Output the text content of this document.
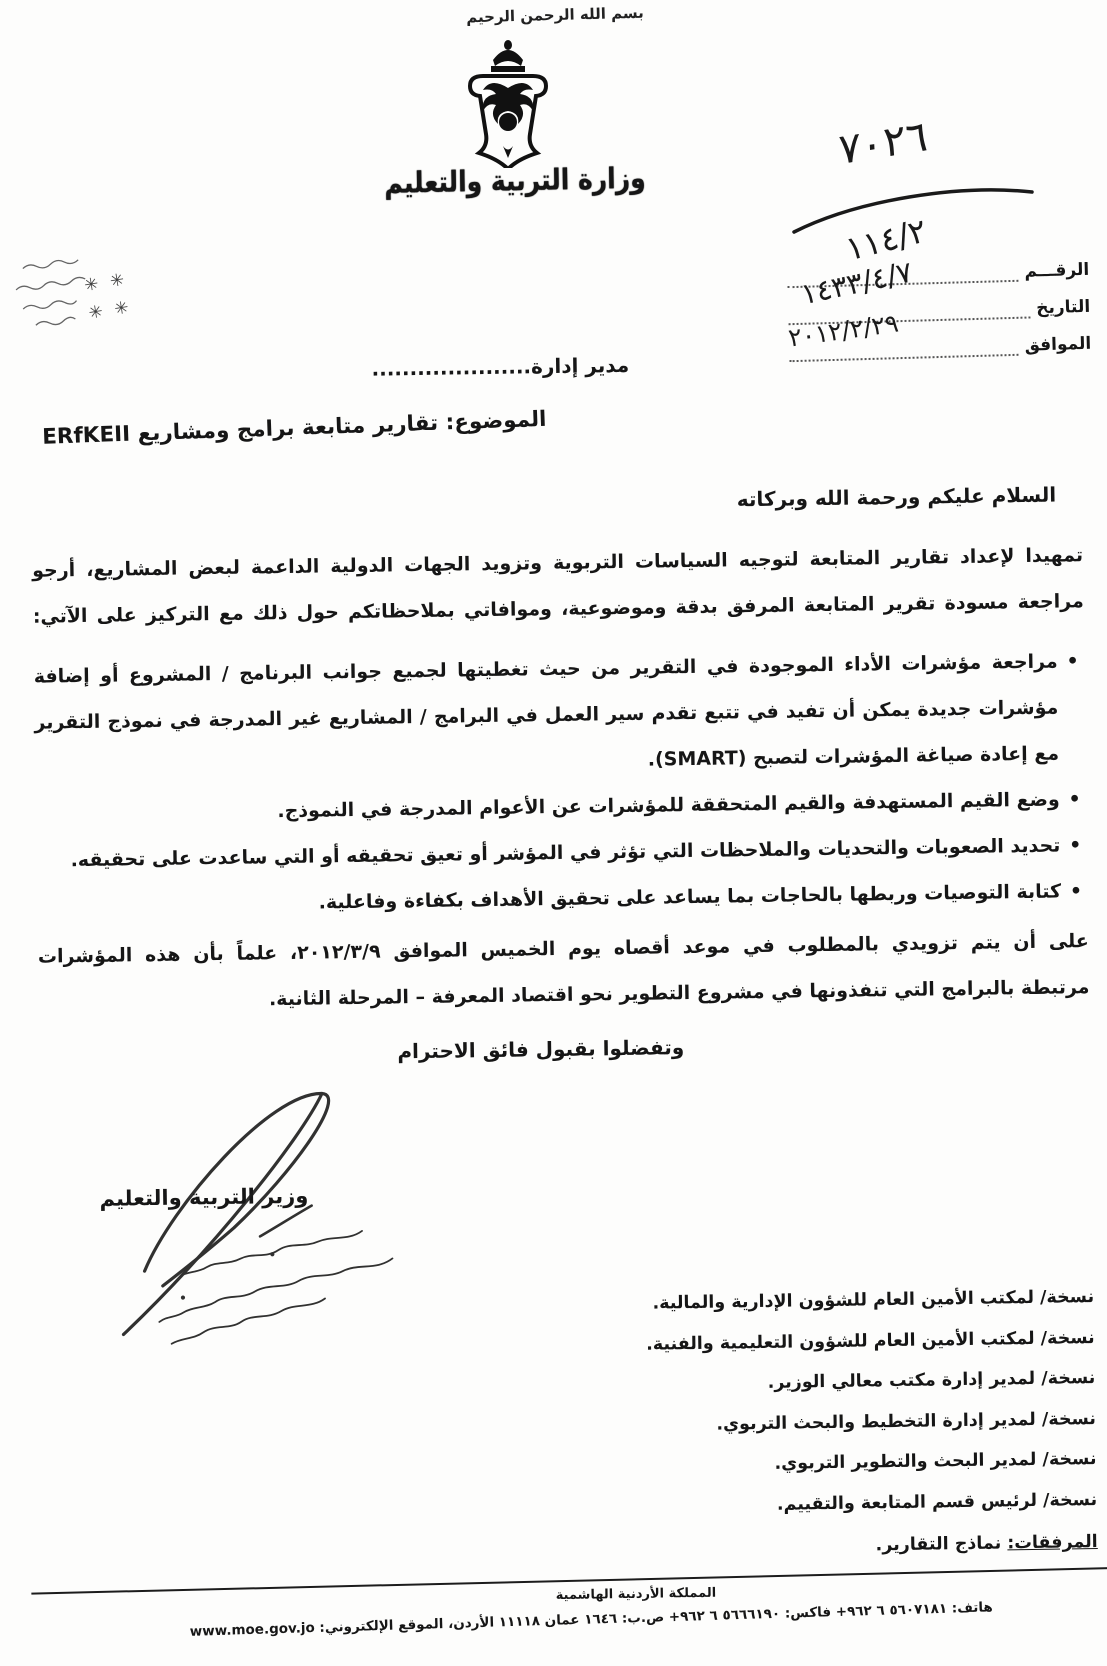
بسم الله الرحمن الرحيم
وزارة التربية والتعليم
٧٠٢٦
الرقـــم
التاريخ
الموافق
١١٤/٢
١٤٣٣/٤/٧
٢٠١٢/٢/٢٩
✳ ✳
✳ ✳
مدير إدارة.....................
الموضوع: تقارير متابعة برامج ومشاريع ERfKEII
السلام عليكم ورحمة الله وبركاته
تمهيدا لإعداد تقارير المتابعة لتوجيه السياسات التربوية وتزويد الجهات الدولية الداعمة لبعض المشاريع، أرجو
مراجعة مسودة تقرير المتابعة المرفق بدقة وموضوعية، وموافاتي بملاحظاتكم حول ذلك مع التركيز على الآتي:
•
مراجعة مؤشرات الأداء الموجودة في التقرير من حيث تغطيتها لجميع جوانب البرنامج / المشروع أو إضافة مؤشرات جديدة يمكن أن تفيد في تتبع تقدم سير العمل في البرامج / المشاريع غير المدرجة في نموذج التقرير مع إعادة صياغة المؤشرات لتصبح (SMART).
•
وضع القيم المستهدفة والقيم المتحققة للمؤشرات عن الأعوام المدرجة في النموذج.
•
تحديد الصعوبات والتحديات والملاحظات التي تؤثر في المؤشر أو تعيق تحقيقه أو التي ساعدت على تحقيقه.
•
كتابة التوصيات وربطها بالحاجات بما يساعد على تحقيق الأهداف بكفاءة وفاعلية.
على أن يتم تزويدي بالمطلوب في موعد أقصاه يوم الخميس الموافق ٢٠١٢/٣/٩، علماً بأن هذه المؤشرات
مرتبطة بالبرامج التي تنفذونها في مشروع التطوير نحو اقتصاد المعرفة – المرحلة الثانية.
وتفضلوا بقبول فائق الاحترام
وزير التربية والتعليم
نسخة/ لمكتب الأمين العام للشؤون الإدارية والمالية.
نسخة/ لمكتب الأمين العام للشؤون التعليمية والفنية.
نسخة/ لمدير إدارة مكتب معالي الوزير.
نسخة/ لمدير إدارة التخطيط والبحث التربوي.
نسخة/ لمدير البحث والتطوير التربوي.
نسخة/ لرئيس قسم المتابعة والتقييم.
المرفقات: نماذج التقارير.
المملكة الأردنية الهاشمية
هاتف: ٥٦٠٧١٨١ ٦ ٩٦٢+ فاكس: ٥٦٦٦١٩٠ ٦ ٩٦٢+ ص.ب: ١٦٤٦ عمان ١١١١٨ الأردن، الموقع الإلكتروني: www.moe.gov.jo
